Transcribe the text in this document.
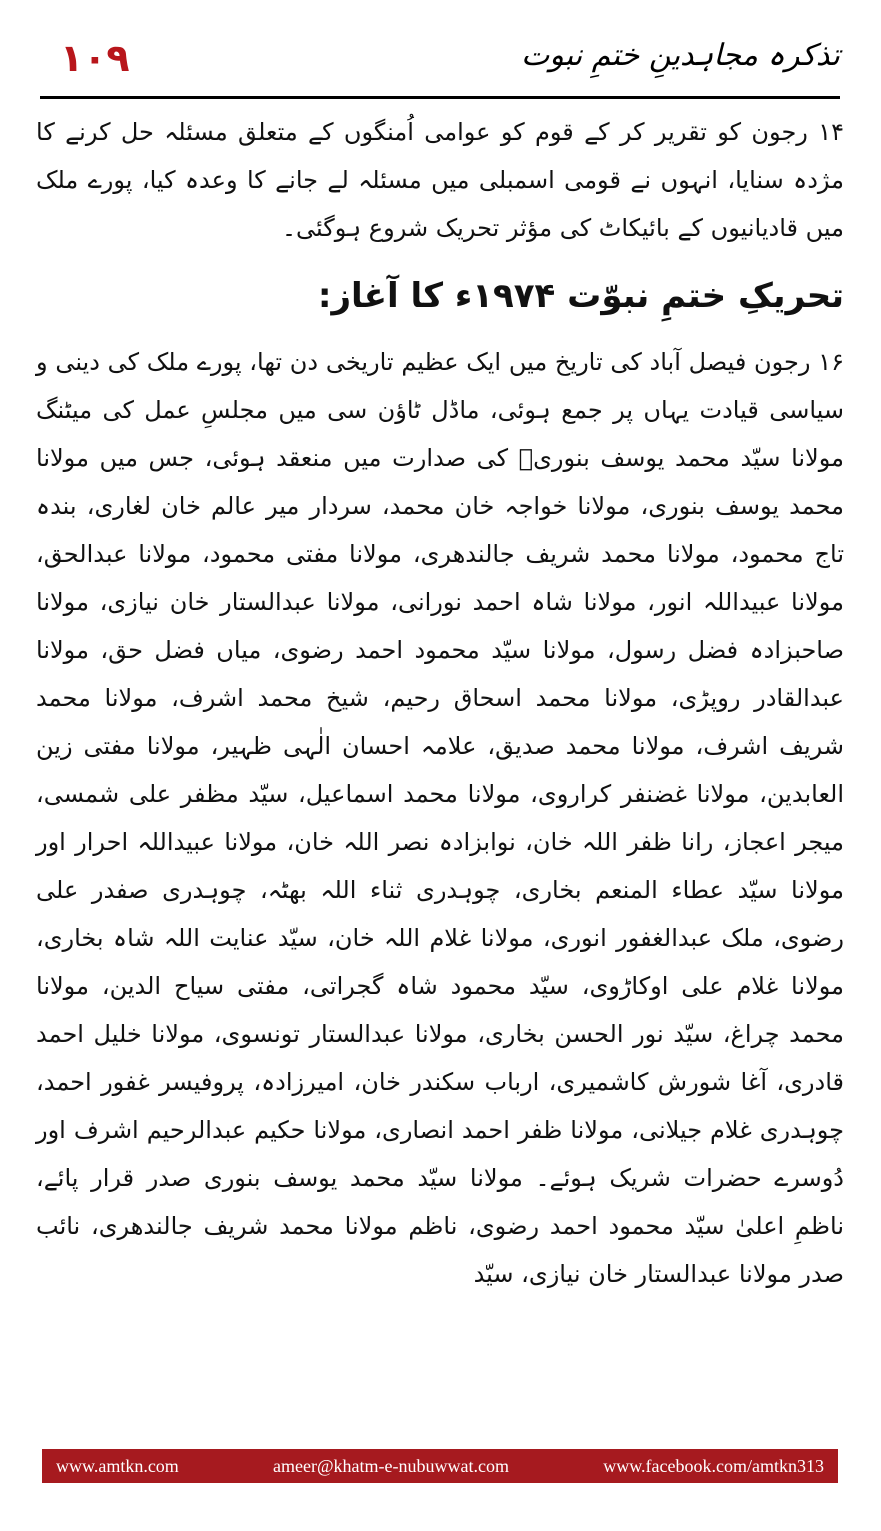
١٠٩	تذکرہ مجاہدینِ ختمِ نبوت

۱۴ رجون کو تقریر کر کے قوم کو عوامی اُمنگوں کے متعلق مسئلہ حل کرنے کا مژدہ سنایا، انہوں نے قومی اسمبلی میں مسئلہ لے جانے کا وعدہ کیا، پورے ملک میں قادیانیوں کے بائیکاٹ کی مؤثر تحریک شروع ہوگئی۔

تحریکِ ختمِ نبوّت ۱۹۷۴ء کا آغاز:

۱۶ رجون فیصل آباد کی تاریخ میں ایک عظیم تاریخی دن تھا، پورے ملک کی دینی و سیاسی قیادت یہاں پر جمع ہوئی، ماڈل ٹاؤن سی میں مجلسِ عمل کی میٹنگ مولانا سیّد محمد یوسف بنوریؒ کی صدارت میں منعقد ہوئی، جس میں مولانا محمد یوسف بنوری، مولانا خواجہ خان محمد، سردار میر عالم خان لغاری، بندہ تاج محمود، مولانا محمد شریف جالندھری، مولانا مفتی محمود، مولانا عبدالحق، مولانا عبیداللہ انور، مولانا شاہ احمد نورانی، مولانا عبدالستار خان نیازی، مولانا صاحبزادہ فضل رسول، مولانا سیّد محمود احمد رضوی، میاں فضل حق، مولانا عبدالقادر روپڑی، مولانا محمد اسحاق رحیم، شیخ محمد اشرف، مولانا محمد شریف اشرف، مولانا محمد صدیق، علامہ احسان الٰہی ظہیر، مولانا مفتی زین العابدین، مولانا غضنفر کراروی، مولانا محمد اسماعیل، سیّد مظفر علی شمسی، میجر اعجاز، رانا ظفر اللہ خان، نوابزادہ نصر اللہ خان، مولانا عبیداللہ احرار اور مولانا سیّد عطاء المنعم بخاری، چوہدری ثناء اللہ بھٹہ، چوہدری صفدر علی رضوی، ملک عبدالغفور انوری، مولانا غلام اللہ خان، سیّد عنایت اللہ شاہ بخاری، مولانا غلام علی اوکاڑوی، سیّد محمود شاہ گجراتی، مفتی سیاح الدین، مولانا محمد چراغ، سیّد نور الحسن بخاری، مولانا عبدالستار تونسوی، مولانا خلیل احمد قادری، آغا شورش کاشمیری، ارباب سکندر خان، امیرزادہ، پروفیسر غفور احمد، چوہدری غلام جیلانی، مولانا ظفر احمد انصاری، مولانا حکیم عبدالرحیم اشرف اور دُوسرے حضرات شریک ہوئے۔ مولانا سیّد محمد یوسف بنوری صدر قرار پائے، ناظمِ اعلیٰ سیّد محمود احمد رضوی، ناظم مولانا محمد شریف جالندھری، نائب صدر مولانا عبدالستار خان نیازی، سیّد

www.amtkn.com	ameer@khatm-e-nubuwwat.com	www.facebook.com/amtkn313
